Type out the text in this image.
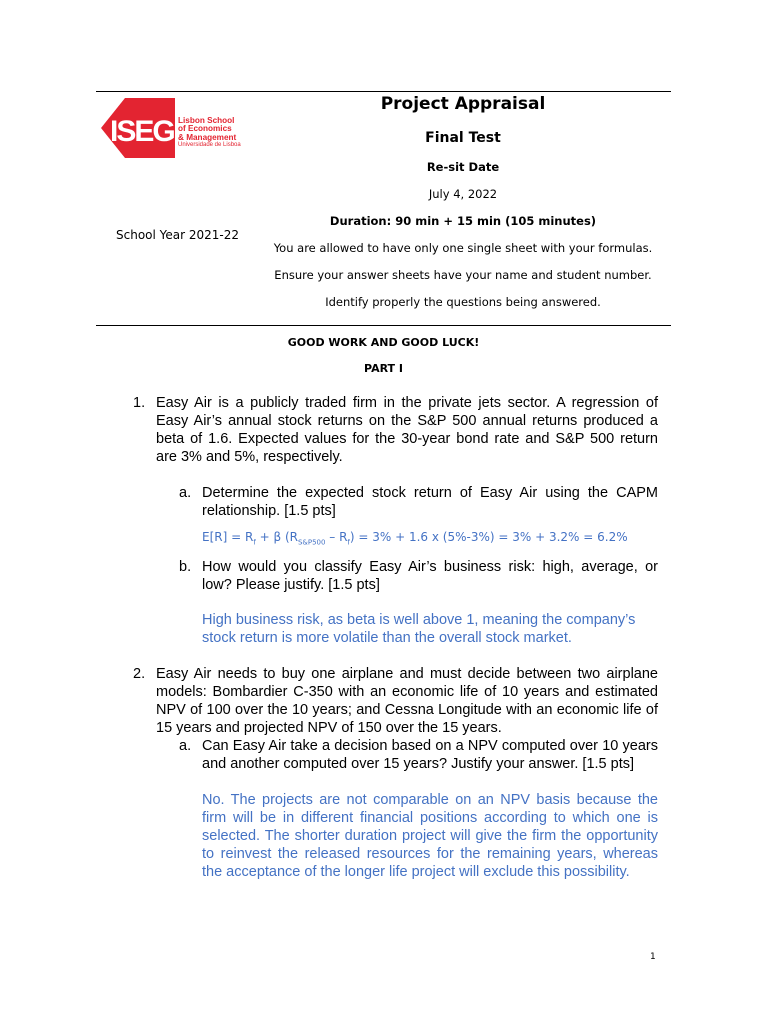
ISEG Lisbon School
of Economics
& Management
Universidade de Lisboa
School Year 2021-22
Project Appraisal
Final Test
Re-sit Date
July 4, 2022
Duration: 90 min + 15 min (105 minutes)
You are allowed to have only one single sheet with your formulas.
Ensure your answer sheets have your name and student number.
Identify properly the questions being answered.
GOOD WORK AND GOOD LUCK!
PART I
1. Easy Air is a publicly traded firm in the private jets sector. A regression of Easy Air’s annual stock returns on the S&P 500 annual returns produced a beta of 1.6. Expected values for the 30-year bond rate and S&P 500 return are 3% and 5%, respectively.
a. Determine the expected stock return of Easy Air using the CAPM relationship. [1.5 pts]
$E[R] = R_f + \beta$ $(R_{S\&P500} - R_f) = 3\% + 1.6$ x (5%-3%) = 3% + 3.2% = 6.2%
b. How would you classify Easy Air’s business risk: high, average, or low? Please justify. [1.5 pts]
High business risk, as beta is well above 1, meaning the company’s stock return is more volatile than the overall stock market.
2. Easy Air needs to buy one airplane and must decide between two airplane models: Bombardier C-350 with an economic life of 10 years and estimated NPV of 100 over the 10 years; and Cessna Longitude with an economic life of 15 years and projected NPV of 150 over the 15 years.
a. Can Easy Air take a decision based on a NPV computed over 10 years and another computed over 15 years? Justify your answer. [1.5 pts]
No. The projects are not comparable on an NPV basis because the firm will be in different financial positions according to which one is selected. The shorter duration project will give the firm the opportunity to reinvest the released resources for the remaining years, whereas the acceptance of the longer life project will exclude this possibility.
1
